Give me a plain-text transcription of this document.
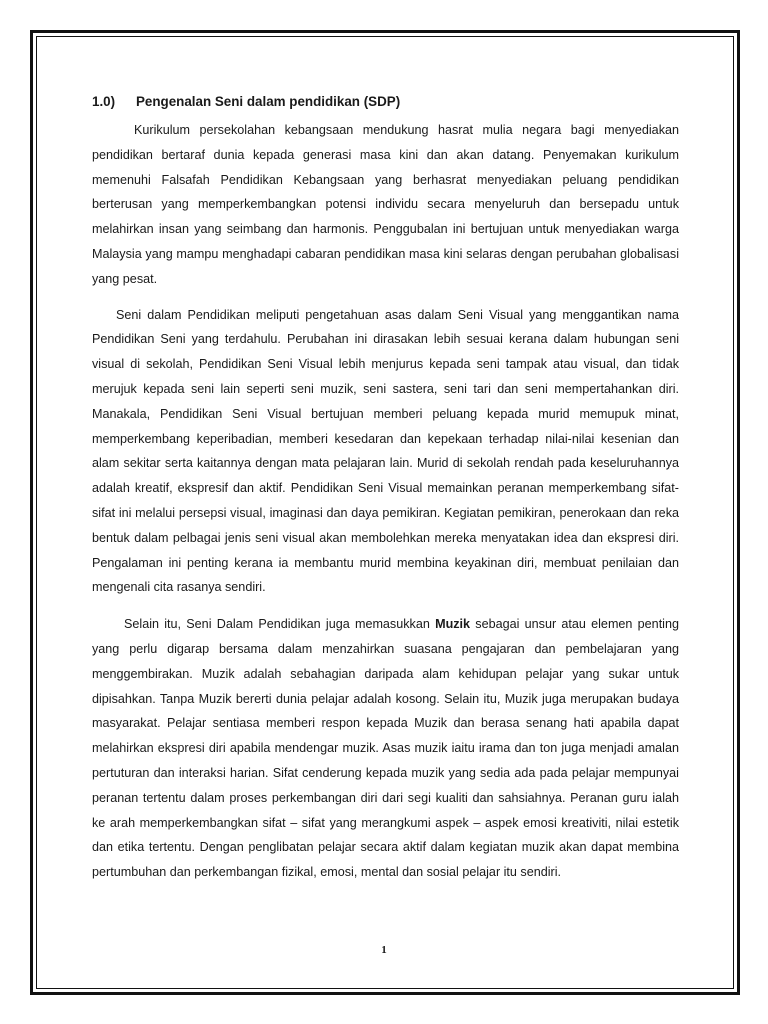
1.0) Pengenalan Seni dalam pendidikan (SDP)

Kurikulum persekolahan kebangsaan mendukung hasrat mulia negara bagi menyediakan pendidikan bertaraf dunia kepada generasi masa kini dan akan datang. Penyemakan kurikulum memenuhi Falsafah Pendidikan Kebangsaan yang berhasrat menyediakan peluang pendidikan berterusan yang memperkembangkan potensi individu secara menyeluruh dan bersepadu untuk melahirkan insan yang seimbang dan harmonis. Penggubalan ini bertujuan untuk menyediakan warga Malaysia yang mampu menghadapi cabaran pendidikan masa kini selaras dengan perubahan globalisasi yang pesat.

Seni dalam Pendidikan meliputi pengetahuan asas dalam Seni Visual yang menggantikan nama Pendidikan Seni yang terdahulu. Perubahan ini dirasakan lebih sesuai kerana dalam hubungan seni visual di sekolah, Pendidikan Seni Visual lebih menjurus kepada seni tampak atau visual, dan tidak merujuk kepada seni lain seperti seni muzik, seni sastera, seni tari dan seni mempertahankan diri. Manakala, Pendidikan Seni Visual bertujuan memberi peluang kepada murid memupuk minat, memperkembang keperibadian, memberi kesedaran dan kepekaan terhadap nilai-nilai kesenian dan alam sekitar serta kaitannya dengan mata pelajaran lain. Murid di sekolah rendah pada keseluruhannya adalah kreatif, ekspresif dan aktif. Pendidikan Seni Visual memainkan peranan memperkembang sifat-sifat ini melalui persepsi visual, imaginasi dan daya pemikiran. Kegiatan pemikiran, penerokaan dan reka bentuk dalam pelbagai jenis seni visual akan membolehkan mereka menyatakan idea dan ekspresi diri. Pengalaman ini penting kerana ia membantu murid membina keyakinan diri, membuat penilaian dan mengenali cita rasanya sendiri.

Selain itu, Seni Dalam Pendidikan juga memasukkan Muzik sebagai unsur atau elemen penting yang perlu digarap bersama dalam menzahirkan suasana pengajaran dan pembelajaran yang menggembirakan. Muzik adalah sebahagian daripada alam kehidupan pelajar yang sukar untuk dipisahkan. Tanpa Muzik bererti dunia pelajar adalah kosong. Selain itu, Muzik juga merupakan budaya masyarakat. Pelajar sentiasa memberi respon kepada Muzik dan berasa senang hati apabila dapat melahirkan ekspresi diri apabila mendengar muzik. Asas muzik iaitu irama dan ton juga menjadi amalan pertuturan dan interaksi harian. Sifat cenderung kepada muzik yang sedia ada pada pelajar mempunyai peranan tertentu dalam proses perkembangan diri dari segi kualiti dan sahsiahnya. Peranan guru ialah ke arah memperkembangkan sifat – sifat yang merangkumi aspek – aspek emosi kreativiti, nilai estetik dan etika tertentu. Dengan penglibatan pelajar secara aktif dalam kegiatan muzik akan dapat membina pertumbuhan dan perkembangan fizikal, emosi, mental dan sosial pelajar itu sendiri.

1
